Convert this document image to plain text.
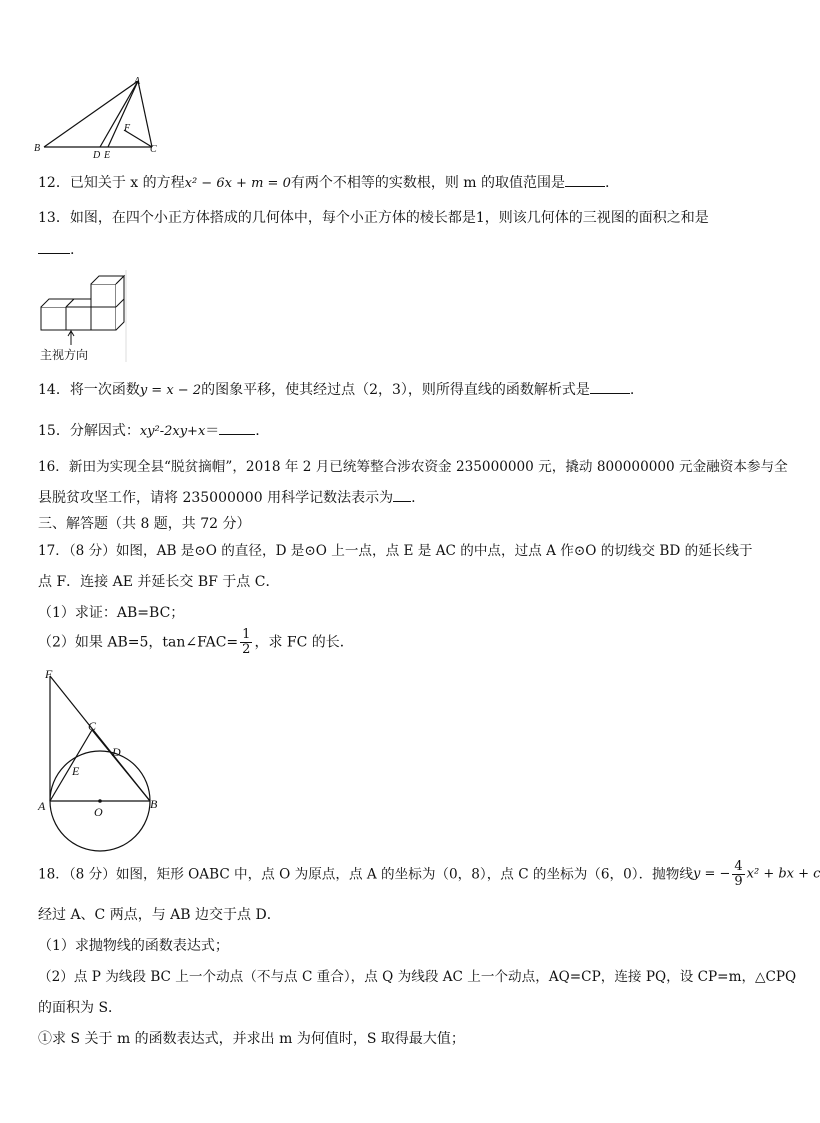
A
B
D E
F
C
12．已知关于 x 的方程x² − 6x + m = 0有两个不相等的实数根，则 m 的取值范围是	.
13．如图，在四个小正方体搭成的几何体中，每个小正方体的棱长都是1，则该几何体的三视图的面积之和是
.
主视方向
14．将一次函数y = x − 2的图象平移，使其经过点（2，3），则所得直线的函数解析式是	.
15．分解因式：xy²-2xy+x＝	.
16．新田为实现全县“脱贫摘帽”，2018 年 2 月已统筹整合涉农资金 235000000 元，撬动 800000000 元金融资本参与全
县脱贫攻坚工作，请将 235000000 用科学记数法表示为 .
三、解答题（共 8 题，共 72 分）
17．（8 分）如图，AB 是⊙O 的直径，D 是⊙O 上一点，点 E 是 AC 的中点，过点 A 作⊙O 的切线交 BD 的延长线于
点 F．连接 AE 并延长交 BF 于点 C．
（1）求证：AB=BC；
（2）如果 AB=5，tan∠FAC= $\frac{1}{2}$ ，求 FC 的长．
F
C
D
E
A	B
O
18．（8 分）如图，矩形 OABC 中，点 O 为原点，点 A 的坐标为（0，8），点 C 的坐标为（6，0）．抛物线y = − $\frac{4}{9} x^2$ + bx + c
经过 A、C 两点，与 AB 边交于点 D．
（1）求抛物线的函数表达式；
（2）点 P 为线段 BC 上一个动点（不与点 C 重合），点 Q 为线段 AC 上一个动点，AQ=CP，连接 PQ，设 CP=m，△CPQ
的面积为 S．
①求 S 关于 m 的函数表达式，并求出 m 为何值时，S 取得最大值；
